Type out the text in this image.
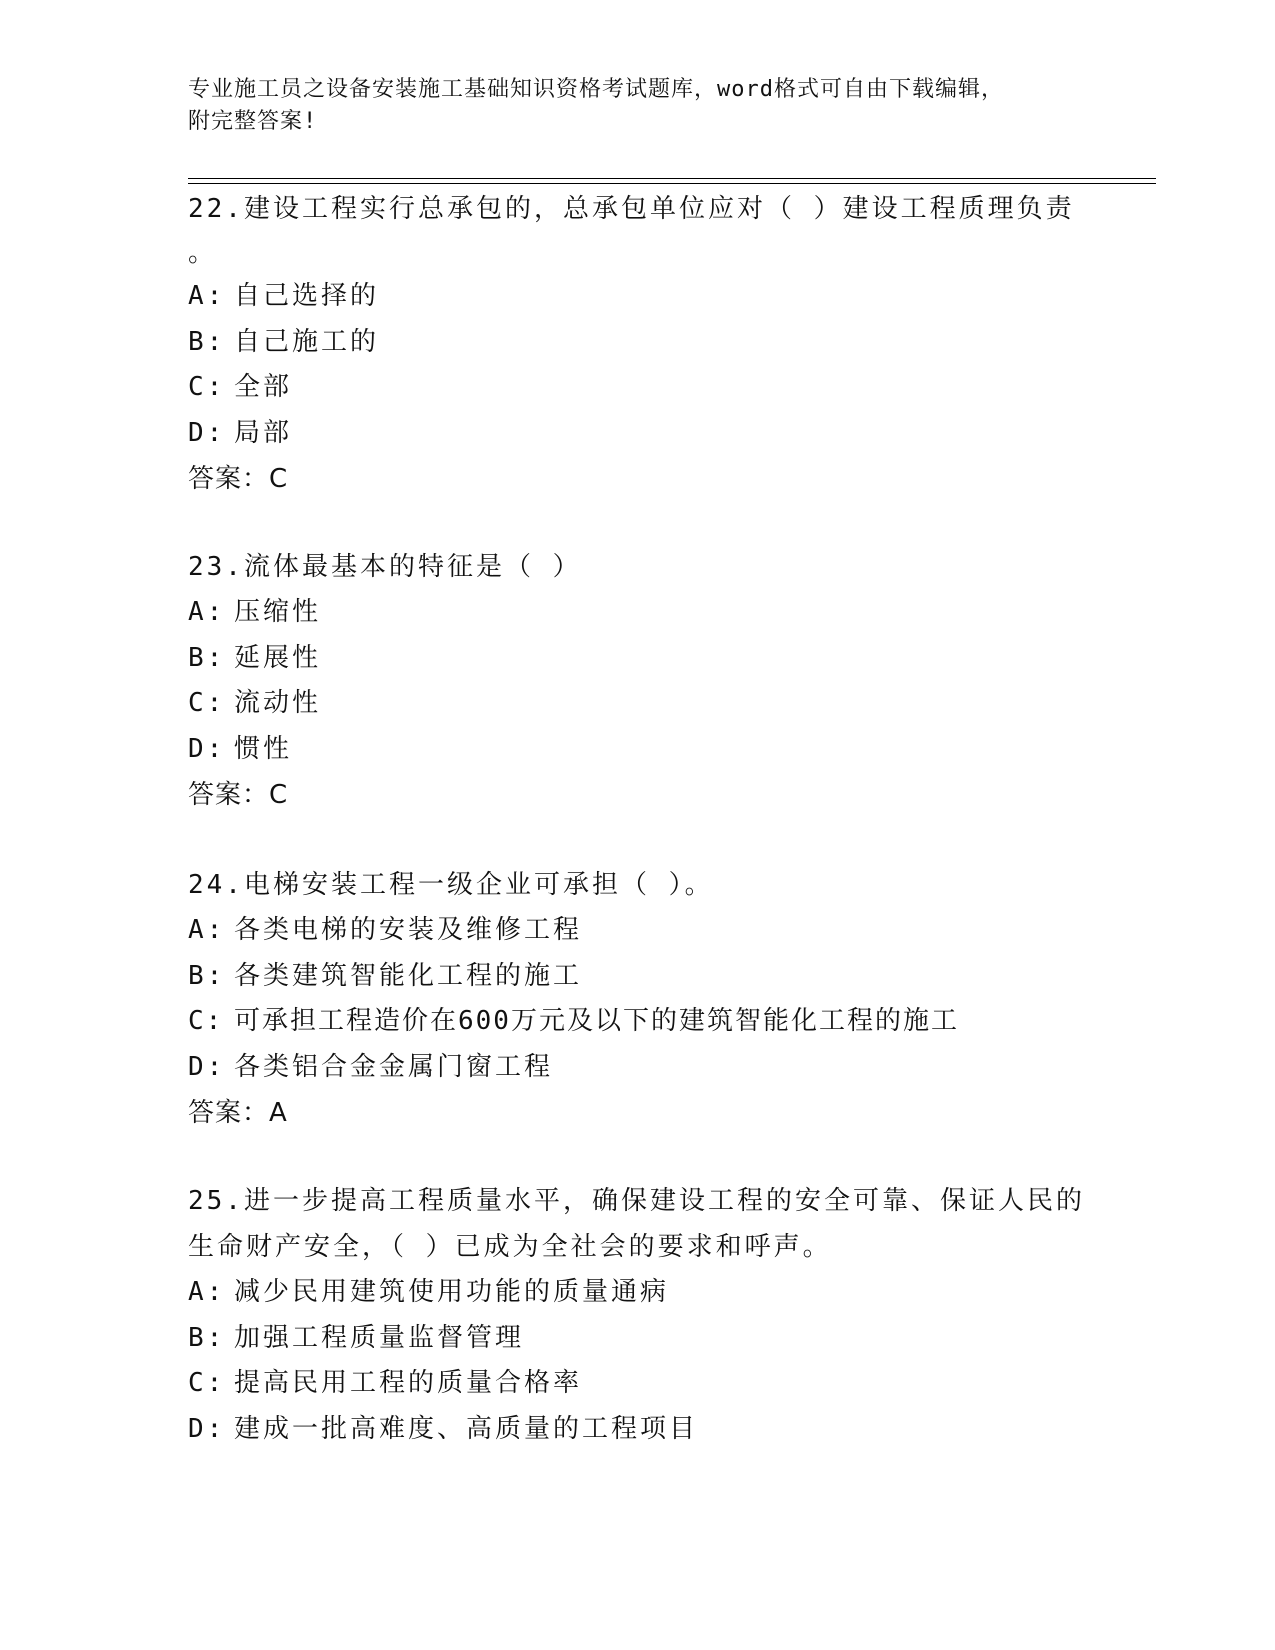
专业施工员之设备安装施工基础知识资格考试题库，word格式可自由下载编辑，
附完整答案!

22.建设工程实行总承包的，总承包单位应对（ ）建设工程质理负责

。

A: 自己选择的

B: 自己施工的

C: 全部

D: 局部

答案：C

23.流体最基本的特征是（ ）

A: 压缩性

B: 延展性

C: 流动性

D: 惯性

答案：C

24.电梯安装工程一级企业可承担（ ）。

A: 各类电梯的安装及维修工程

B: 各类建筑智能化工程的施工

C: 可承担工程造价在600万元及以下的建筑智能化工程的施工

D: 各类铝合金金属门窗工程

答案：A

25.进一步提高工程质量水平，确保建设工程的安全可靠、保证人民的

生命财产安全，（ ）已成为全社会的要求和呼声。

A: 减少民用建筑使用功能的质量通病

B: 加强工程质量监督管理

C: 提高民用工程的质量合格率

D: 建成一批高难度、高质量的工程项目
